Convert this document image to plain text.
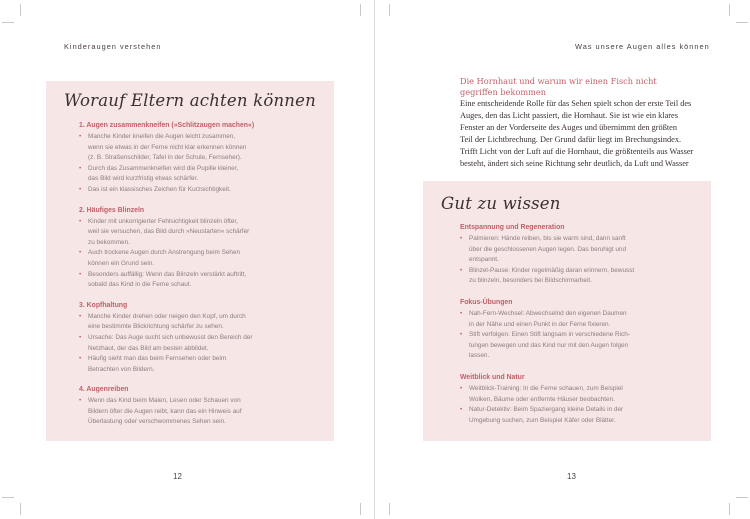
Kinderaugen verstehen
Worauf Eltern achten können
1. Augen zusammenkneifen (»Schlitzaugen machen«)
• Manche Kinder kneifen die Augen leicht zusammen,
wenn sie etwas in der Ferne nicht klar erkennen können
(z. B. Straßenschilder, Tafel in der Schule, Fernseher).
• Durch das Zusammenkneifen wird die Pupille kleiner,
das Bild wird kurzfristig etwas schärfer.
• Das ist ein klassisches Zeichen für Kurzsichtigkeit.
2. Häufiges Blinzeln
• Kinder mit unkorrigierter Fehlsichtigkeit blinzeln öfter,
weil sie versuchen, das Bild durch »Neustarten« schärfer
zu bekommen.
• Auch trockene Augen durch Anstrengung beim Sehen
können ein Grund sein.
• Besonders auffällig: Wenn das Blinzeln verstärkt auftritt,
sobald das Kind in die Ferne schaut.
3. Kopfhaltung
• Manche Kinder drehen oder neigen den Kopf, um durch
eine bestimmte Blickrichtung schärfer zu sehen.
• Ursache: Das Auge sucht sich unbewusst den Bereich der
Netzhaut, der das Bild am besten abbildet.
• Häufig sieht man das beim Fernsehen oder beim
Betrachten von Bildern.
4. Augenreiben
• Wenn das Kind beim Malen, Lesen oder Schauen von
Bildern öfter die Augen reibt, kann das ein Hinweis auf
Überlastung oder verschwommenes Sehen sein.
12
Was unsere Augen alles können
Die Hornhaut und warum wir einen Fisch nicht
gegriffen bekommen
Eine entscheidende Rolle für das Sehen spielt schon der erste Teil des
Auges, den das Licht passiert, die Hornhaut. Sie ist wie ein klares
Fenster an der Vorderseite des Auges und übernimmt den größten
Teil der Lichtbrechung. Der Grund dafür liegt im Brechungsindex.
Trifft Licht von der Luft auf die Hornhaut, die größtenteils aus Wasser
besteht, ändert sich seine Richtung sehr deutlich, da Luft und Wasser
Gut zu wissen
Entspannung und Regeneration
• Palmieren: Hände reiben, bis sie warm sind, dann sanft
über die geschlossenen Augen legen. Das beruhigt und
entspannt.
• Blinzel-Pause: Kinder regelmäßig daran erinnern, bewusst
zu blinzeln, besonders bei Bildschirmarbeit.
Fokus-Übungen
• Nah-Fern-Wechsel: Abwechselnd den eigenen Daumen
in der Nähe und einen Punkt in der Ferne fixieren.
• Stift verfolgen: Einen Stift langsam in verschiedene Rich-
tungen bewegen und das Kind nur mit den Augen folgen
lassen.
Weitblick und Natur
• Weitblick-Training: In die Ferne schauen, zum Beispiel
Wolken, Bäume oder entfernte Häuser beobachten.
• Natur-Detektiv: Beim Spaziergang kleine Details in der
Umgebung suchen, zum Beispiel Käfer oder Blätter.
13
